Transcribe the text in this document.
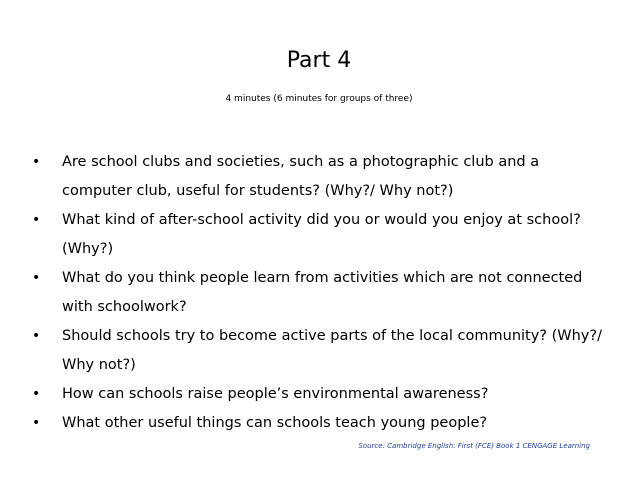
Part 4
4 minutes (6 minutes for groups of three)
•	Are school clubs and societies, such as a photographic club and a computer club, useful for students? (Why?/ Why not?)
•	What kind of after-school activity did you or would you enjoy at school? (Why?)
•	What do you think people learn from activities which are not connected with schoolwork?
•	Should schools try to become active parts of the local community? (Why?/ Why not?)
•	How can schools raise people’s environmental awareness?
•	What other useful things can schools teach young people?
Source: Cambridge English: First (FCE) Book 1 CENGAGE Learning
